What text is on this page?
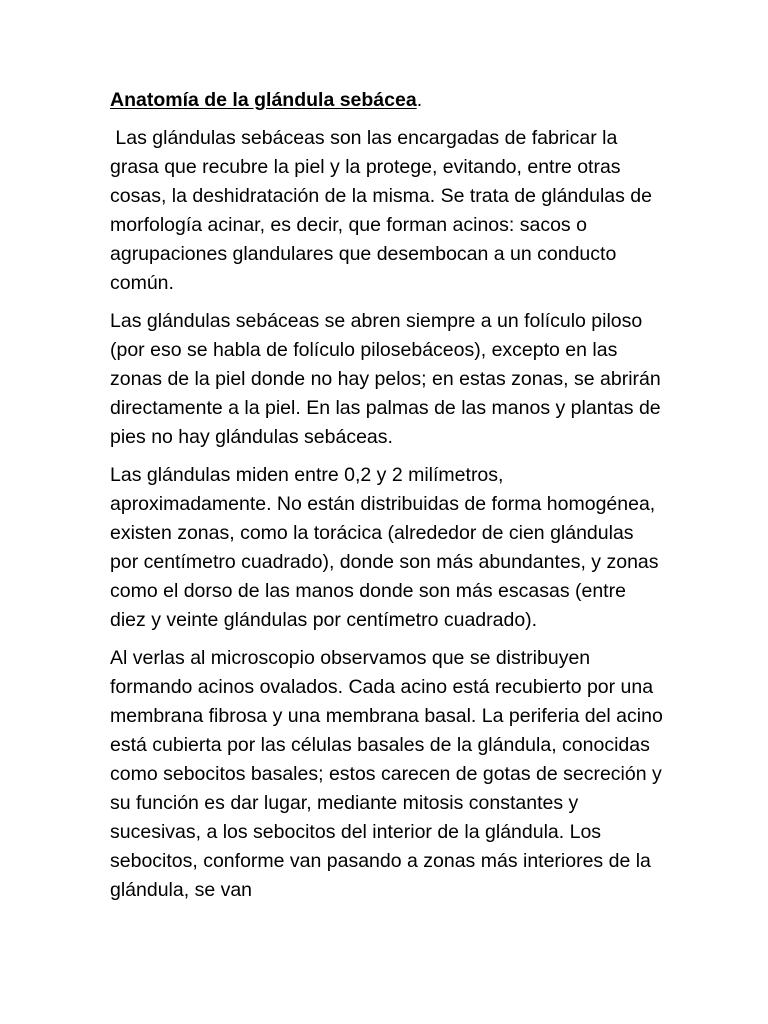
Anatomía de la glándula sebácea.

Las glándulas sebáceas son las encargadas de fabricar la grasa que recubre la piel y la protege, evitando, entre otras cosas, la deshidratación de la misma. Se trata de glándulas de morfología acinar, es decir, que forman acinos: sacos o agrupaciones glandulares que desembocan a un conducto común.

Las glándulas sebáceas se abren siempre a un folículo piloso (por eso se habla de folículo pilosebáceos), excepto en las zonas de la piel donde no hay pelos; en estas zonas, se abrirán directamente a la piel. En las palmas de las manos y plantas de pies no hay glándulas sebáceas.

Las glándulas miden entre 0,2 y 2 milímetros, aproximadamente. No están distribuidas de forma homogénea, existen zonas, como la torácica (alrededor de cien glándulas por centímetro cuadrado), donde son más abundantes, y zonas como el dorso de las manos donde son más escasas (entre diez y veinte glándulas por centímetro cuadrado).

Al verlas al microscopio observamos que se distribuyen formando acinos ovalados. Cada acino está recubierto por una membrana fibrosa y una membrana basal. La periferia del acino está cubierta por las células basales de la glándula, conocidas como sebocitos basales; estos carecen de gotas de secreción y su función es dar lugar, mediante mitosis constantes y sucesivas, a los sebocitos del interior de la glándula. Los sebocitos, conforme van pasando a zonas más interiores de la glándula, se van
